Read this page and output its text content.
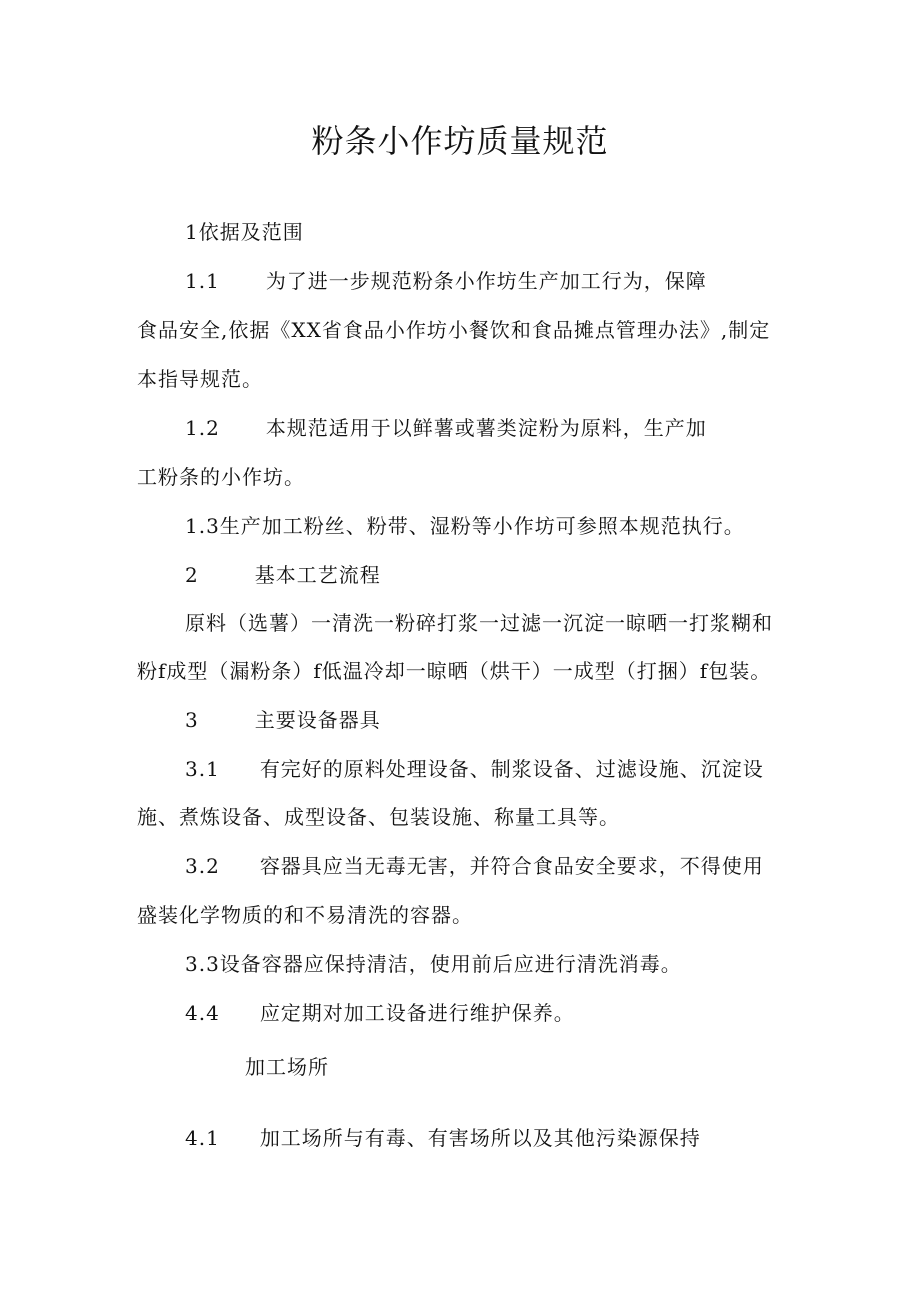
粉条小作坊质量规范
1依据及范围
1.1 为了进一步规范粉条小作坊生产加工行为，保障
食品安全,依据《XX省食品小作坊小餐饮和食品摊点管理办法》,制定
本指导规范。
1.2 本规范适用于以鲜薯或薯类淀粉为原料，生产加
工粉条的小作坊。
1.3生产加工粉丝、粉带、湿粉等小作坊可参照本规范执行。
2	基本工艺流程
原料（选薯）一清洗一粉碎打浆一过滤一沉淀一晾晒一打浆糊和
粉f成型（漏粉条）f低温冷却一晾晒（烘干）一成型（打捆）f包装。
3	主要设备器具
3.1 有完好的原料处理设备、制浆设备、过滤设施、沉淀设
施、煮炼设备、成型设备、包装设施、称量工具等。
3.2 容器具应当无毒无害，并符合食品安全要求，不得使用
盛装化学物质的和不易清洗的容器。
3.3设备容器应保持清洁，使用前后应进行清洗消毒。
4.4 应定期对加工设备进行维护保养。
加工场所
4.1 加工场所与有毒、有害场所以及其他污染源保持
